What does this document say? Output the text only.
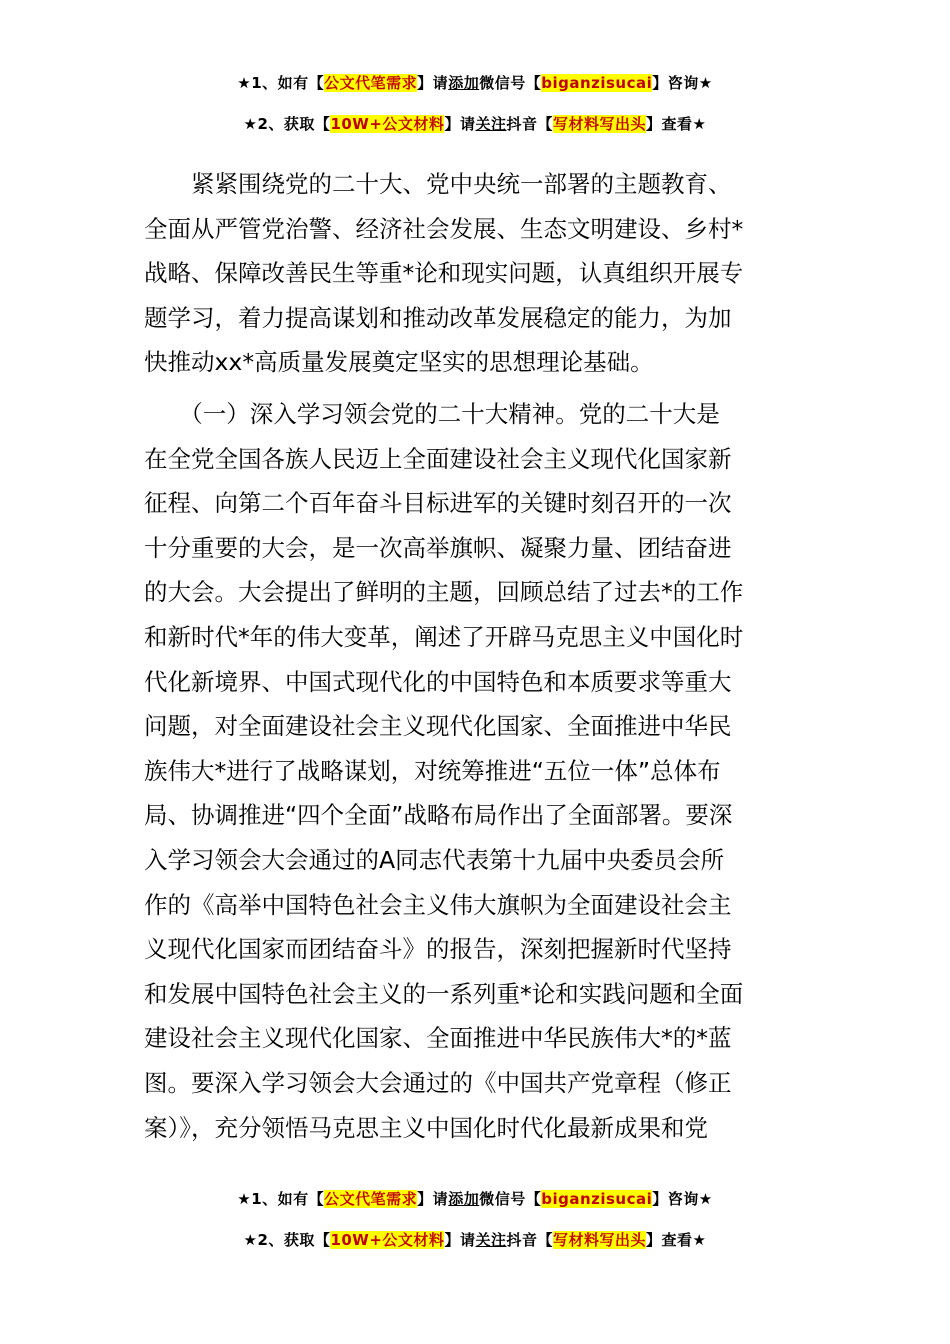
★1、如有【公文代笔需求】请添加微信号【biganzisucai】咨询★
★2、获取【10W+公文材料】请关注抖音【写材料写出头】查看★
　　紧紧围绕党的二十大、党中央统一部署的主题教育、
全面从严管党治警、经济社会发展、生态文明建设、乡村*
战略、保障改善民生等重*论和现实问题，认真组织开展专
题学习，着力提高谋划和推动改革发展稳定的能力，为加
快推动xx*高质量发展奠定坚实的思想理论基础。
　　（一）深入学习领会党的二十大精神。党的二十大是
在全党全国各族人民迈上全面建设社会主义现代化国家新
征程、向第二个百年奋斗目标进军的关键时刻召开的一次
十分重要的大会，是一次高举旗帜、凝聚力量、团结奋进
的大会。大会提出了鲜明的主题，回顾总结了过去*的工作
和新时代*年的伟大变革，阐述了开辟马克思主义中国化时
代化新境界、中国式现代化的中国特色和本质要求等重大
问题，对全面建设社会主义现代化国家、全面推进中华民
族伟大*进行了战略谋划，对统筹推进“五位一体”总体布
局、协调推进“四个全面”战略布局作出了全面部署。要深
入学习领会大会通过的A同志代表第十九届中央委员会所
作的《高举中国特色社会主义伟大旗帜为全面建设社会主
义现代化国家而团结奋斗》的报告，深刻把握新时代坚持
和发展中国特色社会主义的一系列重*论和实践问题和全面
建设社会主义现代化国家、全面推进中华民族伟大*的*蓝
图。要深入学习领会大会通过的《中国共产党章程（修正
案）》，充分领悟马克思主义中国化时代化最新成果和党
★1、如有【公文代笔需求】请添加微信号【biganzisucai】咨询★
★2、获取【10W+公文材料】请关注抖音【写材料写出头】查看★
